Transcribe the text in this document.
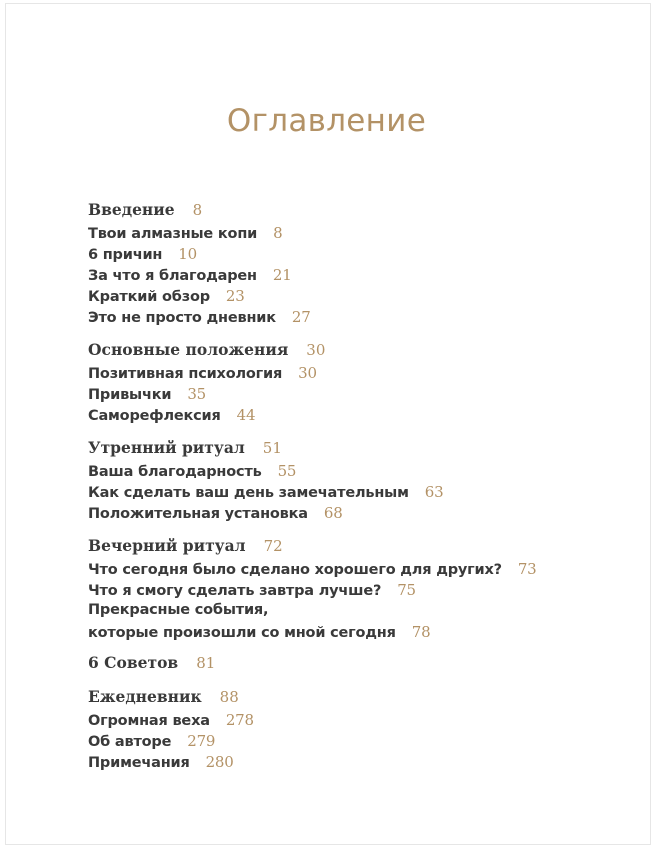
Оглавление
Введение 8
Твои алмазные копи 8
6 причин 10
За что я благодарен 21
Краткий обзор 23
Это не просто дневник 27
Основные положения 30
Позитивная психология 30
Привычки 35
Саморефлексия 44
Утренний ритуал 51
Ваша благодарность 55
Как сделать ваш день замечательным 63
Положительная установка 68
Вечерний ритуал 72
Что сегодня было сделано хорошего для других? 73
Что я смогу сделать завтра лучше? 75
Прекрасные события,
которые произошли со мной сегодня 78
6 Советов 81
Ежедневник 88
Огромная веха 278
Об авторе 279
Примечания 280
